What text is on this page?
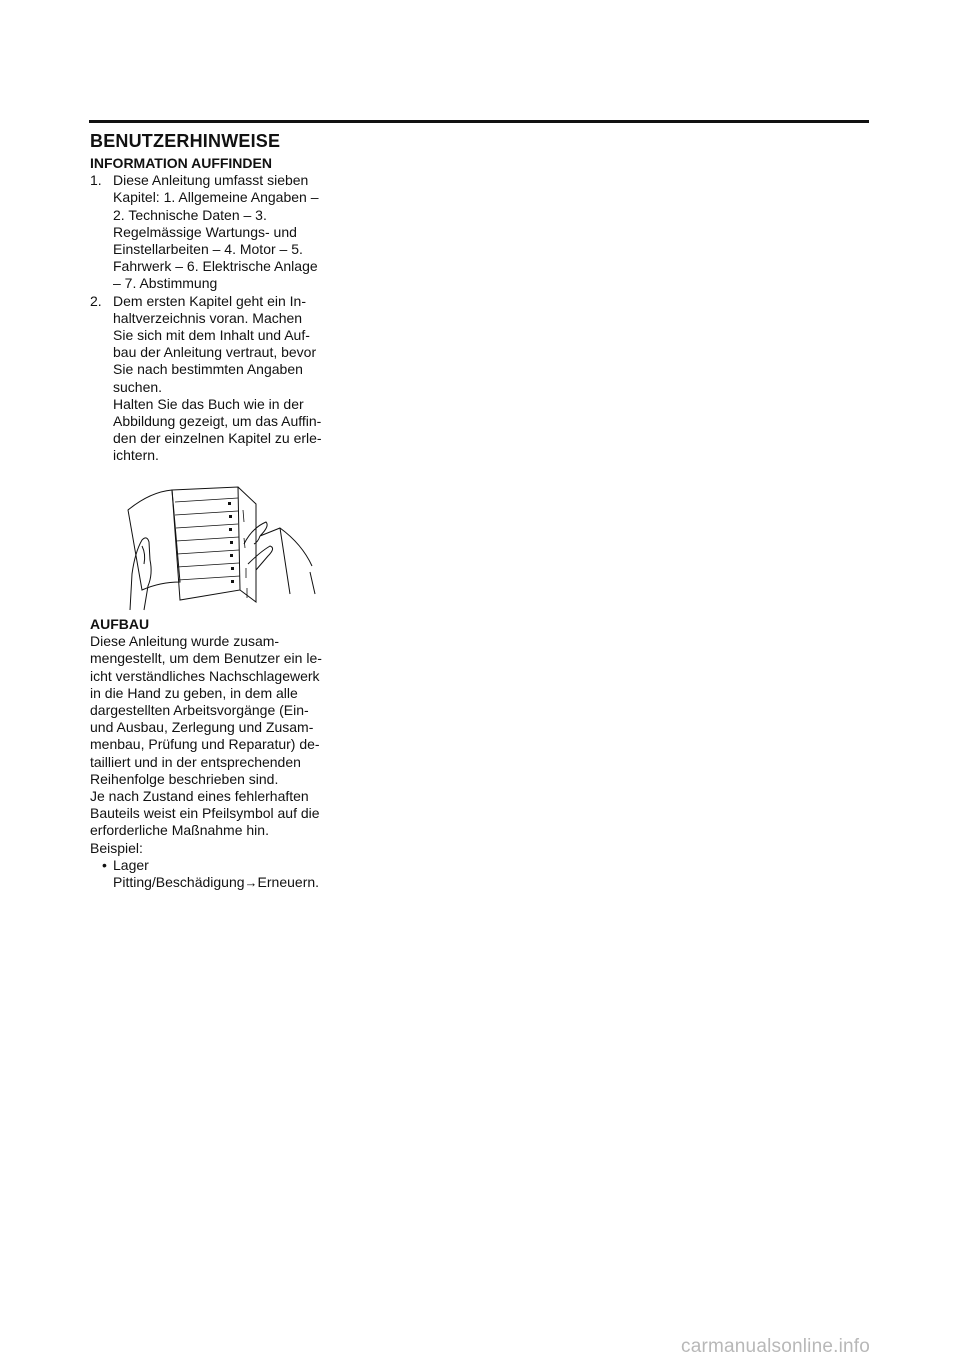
BENUTZERHINWEISE
INFORMATION AUFFINDEN
1. Diese Anleitung umfasst sieben
Kapitel: 1. Allgemeine Angaben –
2. Technische Daten – 3.
Regelmässige Wartungs- und
Einstellarbeiten – 4. Motor – 5.
Fahrwerk – 6. Elektrische Anlage
– 7. Abstimmung
2. Dem ersten Kapitel geht ein In-
haltverzeichnis voran. Machen
Sie sich mit dem Inhalt und Auf-
bau der Anleitung vertraut, bevor
Sie nach bestimmten Angaben
suchen.
Halten Sie das Buch wie in der
Abbildung gezeigt, um das Auffin-
den der einzelnen Kapitel zu erle-
ichtern.
AUFBAU
Diese Anleitung wurde zusam-
mengestellt, um dem Benutzer ein le-
icht verständliches Nachschlagewerk
in die Hand zu geben, in dem alle
dargestellten Arbeitsvorgänge (Ein-
und Ausbau, Zerlegung und Zusam-
menbau, Prüfung und Reparatur) de-
tailliert und in der entsprechenden
Reihenfolge beschrieben sind.
Je nach Zustand eines fehlerhaften
Bauteils weist ein Pfeilsymbol auf die
erforderliche Maßnahme hin.
Beispiel:
• Lager
Pitting/Beschädigung→Erneuern.
carmanualsonline.info
